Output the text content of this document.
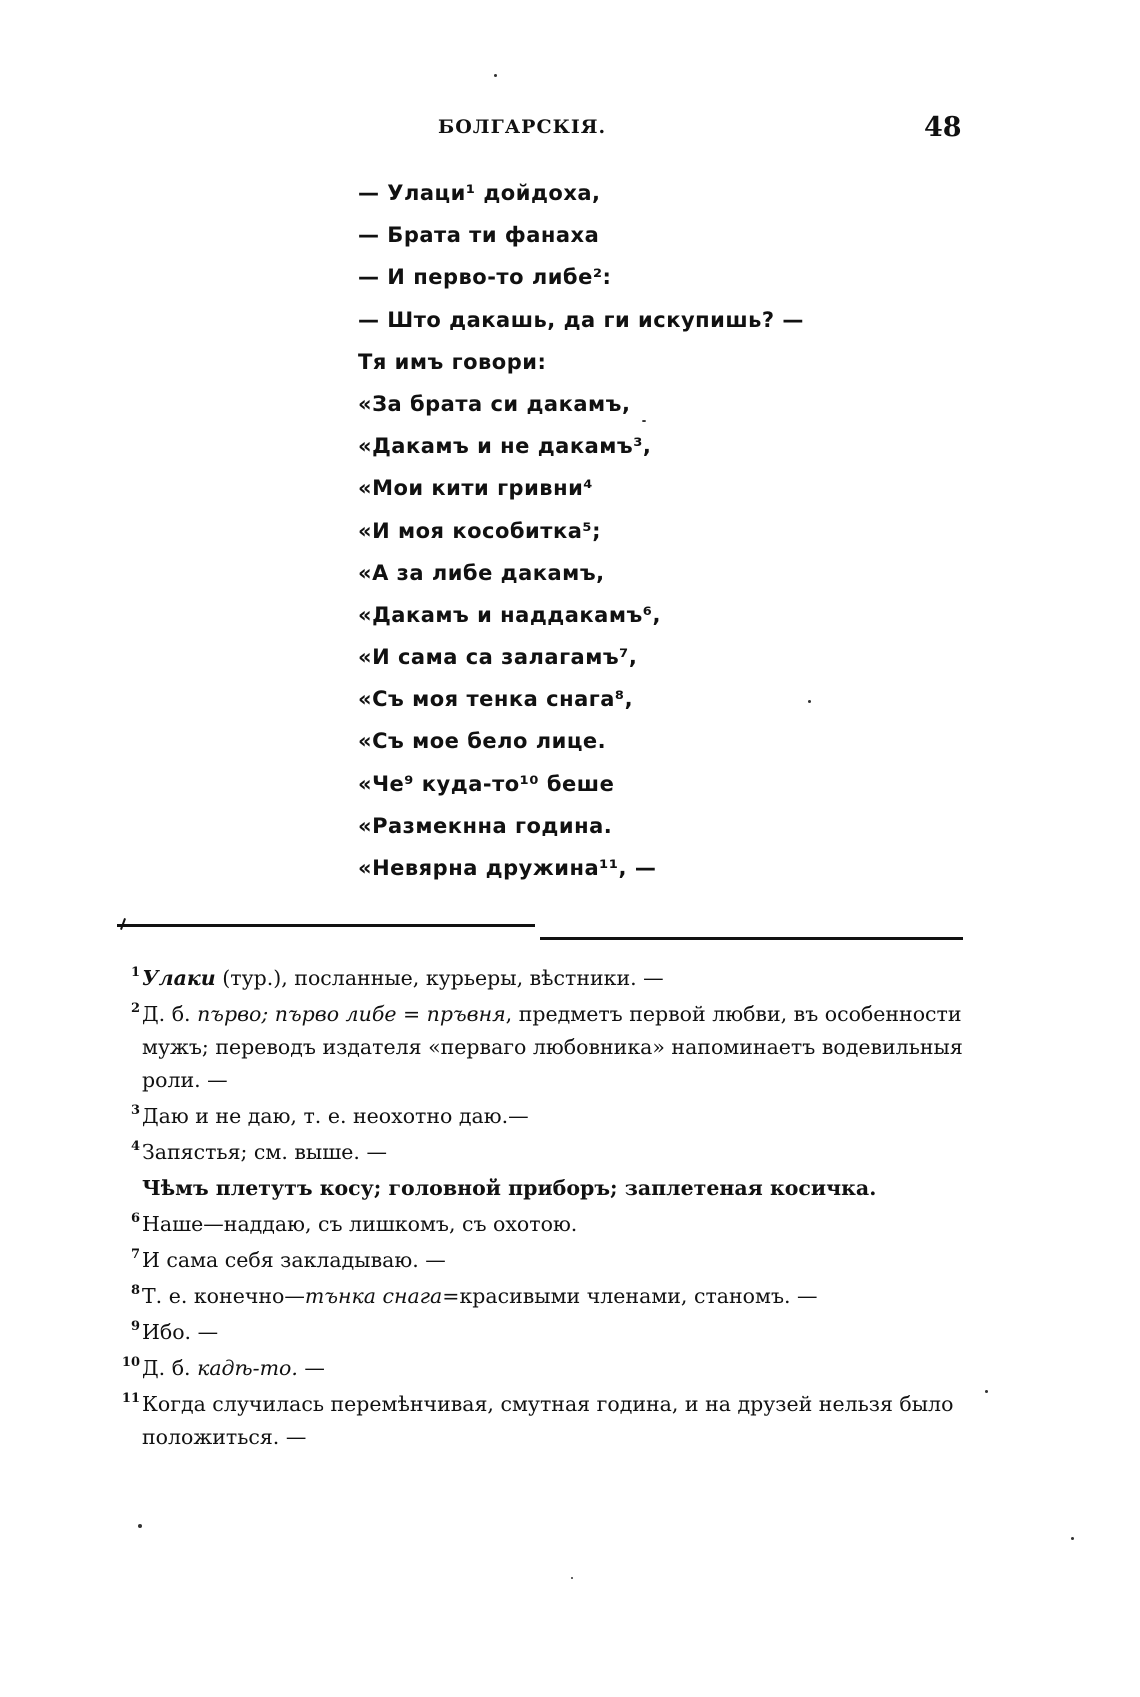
БОЛГАРСКІЯ.	48
— Улаци¹ дойдоха,
— Брата ти фанаха
— И перво-то либе²:
— Што дакашь, да ги искупишь? —
Тя имъ говори:
«За брата си дакамъ,
«Дакамъ и не дакамъ³,
«Мои кити гривни⁴
«И моя кособитка⁵;
«А за либе дакамъ,
«Дакамъ и наддакамъ⁶,
«И сама са залагамъ⁷,
«Съ моя тенка снага⁸,
«Съ мое бело лице.
«Че⁹ куда-то¹⁰ беше
«Размекнна година.
«Невярна дружина¹¹, —
1 Улаки (тур.), посланные, курьеры, вѣстники. —
2 Д. б. пъpво; пъpво либе = пръвня, предметъ первой любви, въ особенности мужъ; переводъ издателя «перваго любовника» напоминаетъ водевильныя роли. —
3 Даю и не даю, т. е. неохотно даю.—
4 Запястья; см. выше. —
Чѣмъ плетутъ косу; головной приборъ; заплетеная косичка.
6 Наше—наддаю, съ лишкомъ, съ охотою.
7 И сама себя закладываю. —
8 Т. е. конечно—тънка снага=красивыми членами, станомъ. —
9 Ибо. —
10 Д. б. кадѣ-то. —
11 Когда случилась перемѣнчивая, смутная година, и на друзей нельзя было положиться. —
